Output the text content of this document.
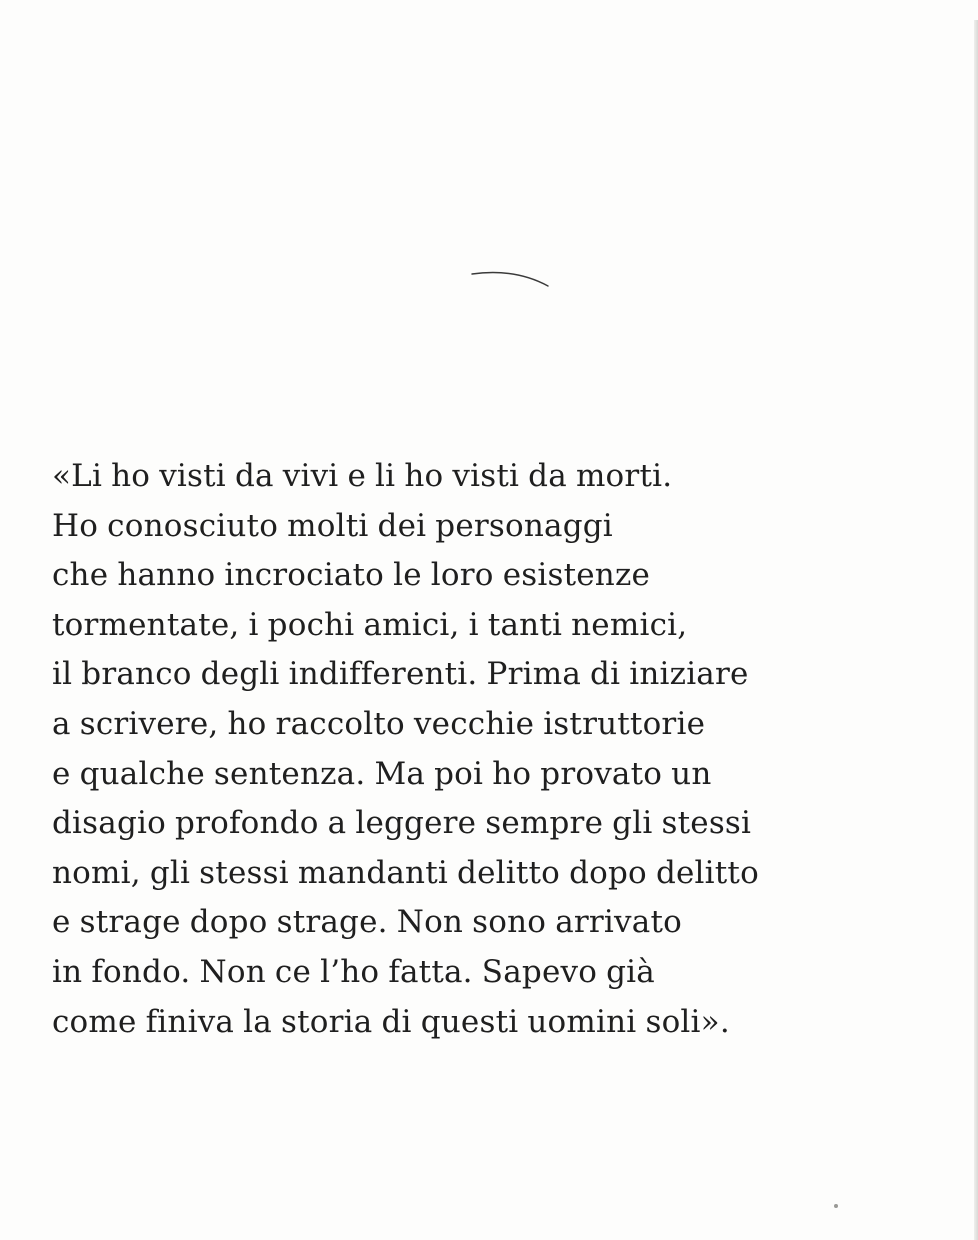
«Li ho visti da vivi e li ho visti da morti.
Ho conosciuto molti dei personaggi
che hanno incrociato le loro esistenze
tormentate, i pochi amici, i tanti nemici,
il branco degli indifferenti. Prima di iniziare
a scrivere, ho raccolto vecchie istruttorie
e qualche sentenza. Ma poi ho provato un
disagio profondo a leggere sempre gli stessi
nomi, gli stessi mandanti delitto dopo delitto
e strage dopo strage. Non sono arrivato
in fondo. Non ce l’ho fatta. Sapevo già
come finiva la storia di questi uomini soli».
